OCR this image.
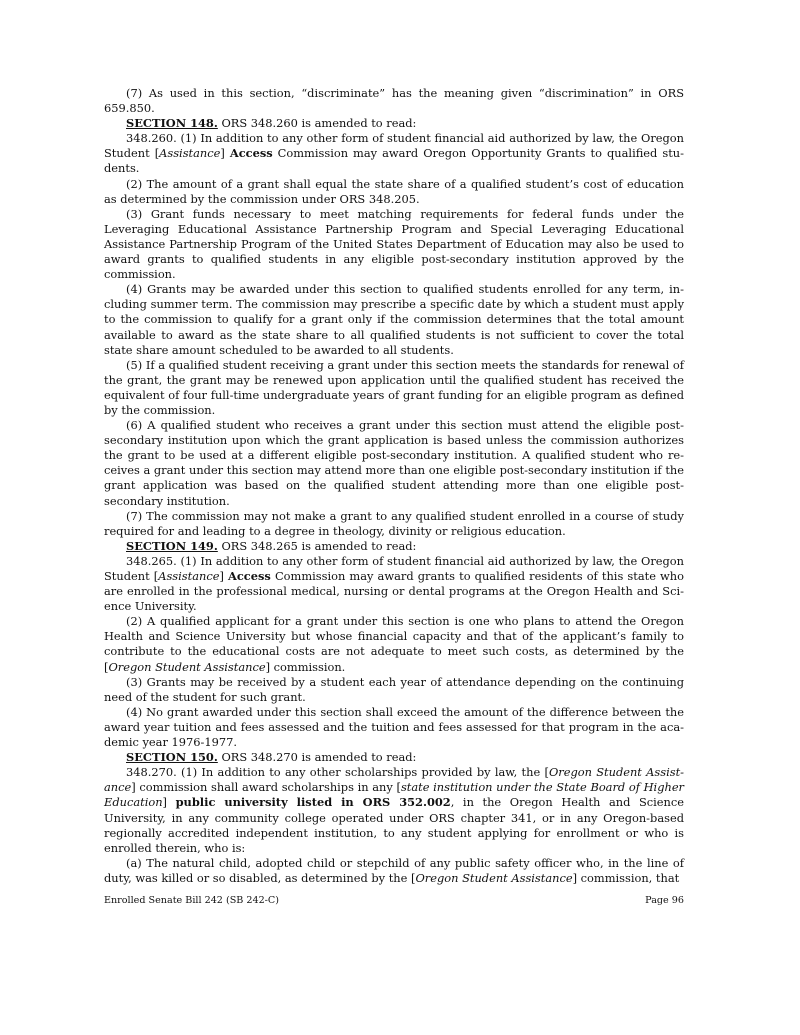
(7) As used in this section, “discriminate” has the meaning given “discrimination” in ORS 659.850.

SECTION 148. ORS 348.260 is amended to read:

348.260. (1) In addition to any other form of student financial aid authorized by law, the Oregon Student [Assistance] Access Commission may award Oregon Opportunity Grants to qualified students.

(2) The amount of a grant shall equal the state share of a qualified student’s cost of education as determined by the commission under ORS 348.205.

(3) Grant funds necessary to meet matching requirements for federal funds under the Leveraging Educational Assistance Partnership Program and Special Leveraging Educational Assistance Partnership Program of the United States Department of Education may also be used to award grants to qualified students in any eligible post-secondary institution approved by the commission.

(4) Grants may be awarded under this section to qualified students enrolled for any term, including summer term. The commission may prescribe a specific date by which a student must apply to the commission to qualify for a grant only if the commission determines that the total amount available to award as the state share to all qualified students is not sufficient to cover the total state share amount scheduled to be awarded to all students.

(5) If a qualified student receiving a grant under this section meets the standards for renewal of the grant, the grant may be renewed upon application until the qualified student has received the equivalent of four full-time undergraduate years of grant funding for an eligible program as defined by the commission.

(6) A qualified student who receives a grant under this section must attend the eligible postsecondary institution upon which the grant application is based unless the commission authorizes the grant to be used at a different eligible post-secondary institution. A qualified student who receives a grant under this section may attend more than one eligible post-secondary institution if the grant application was based on the qualified student attending more than one eligible post-secondary institution.

(7) The commission may not make a grant to any qualified student enrolled in a course of study required for and leading to a degree in theology, divinity or religious education.

SECTION 149. ORS 348.265 is amended to read:

348.265. (1) In addition to any other form of student financial aid authorized by law, the Oregon Student [Assistance] Access Commission may award grants to qualified residents of this state who are enrolled in the professional medical, nursing or dental programs at the Oregon Health and Science University.

(2) A qualified applicant for a grant under this section is one who plans to attend the Oregon Health and Science University but whose financial capacity and that of the applicant’s family to contribute to the educational costs are not adequate to meet such costs, as determined by the [Oregon Student Assistance] commission.

(3) Grants may be received by a student each year of attendance depending on the continuing need of the student for such grant.

(4) No grant awarded under this section shall exceed the amount of the difference between the award year tuition and fees assessed and the tuition and fees assessed for that program in the academic year 1976-1977.

SECTION 150. ORS 348.270 is amended to read:

348.270. (1) In addition to any other scholarships provided by law, the [Oregon Student Assistance] commission shall award scholarships in any [state institution under the State Board of Higher Education] public university listed in ORS 352.002, in the Oregon Health and Science University, in any community college operated under ORS chapter 341, or in any Oregon-based regionally accredited independent institution, to any student applying for enrollment or who is enrolled therein, who is:

(a) The natural child, adopted child or stepchild of any public safety officer who, in the line of duty, was killed or so disabled, as determined by the [Oregon Student Assistance] commission, that

Enrolled Senate Bill 242 (SB 242-C)	Page 96
